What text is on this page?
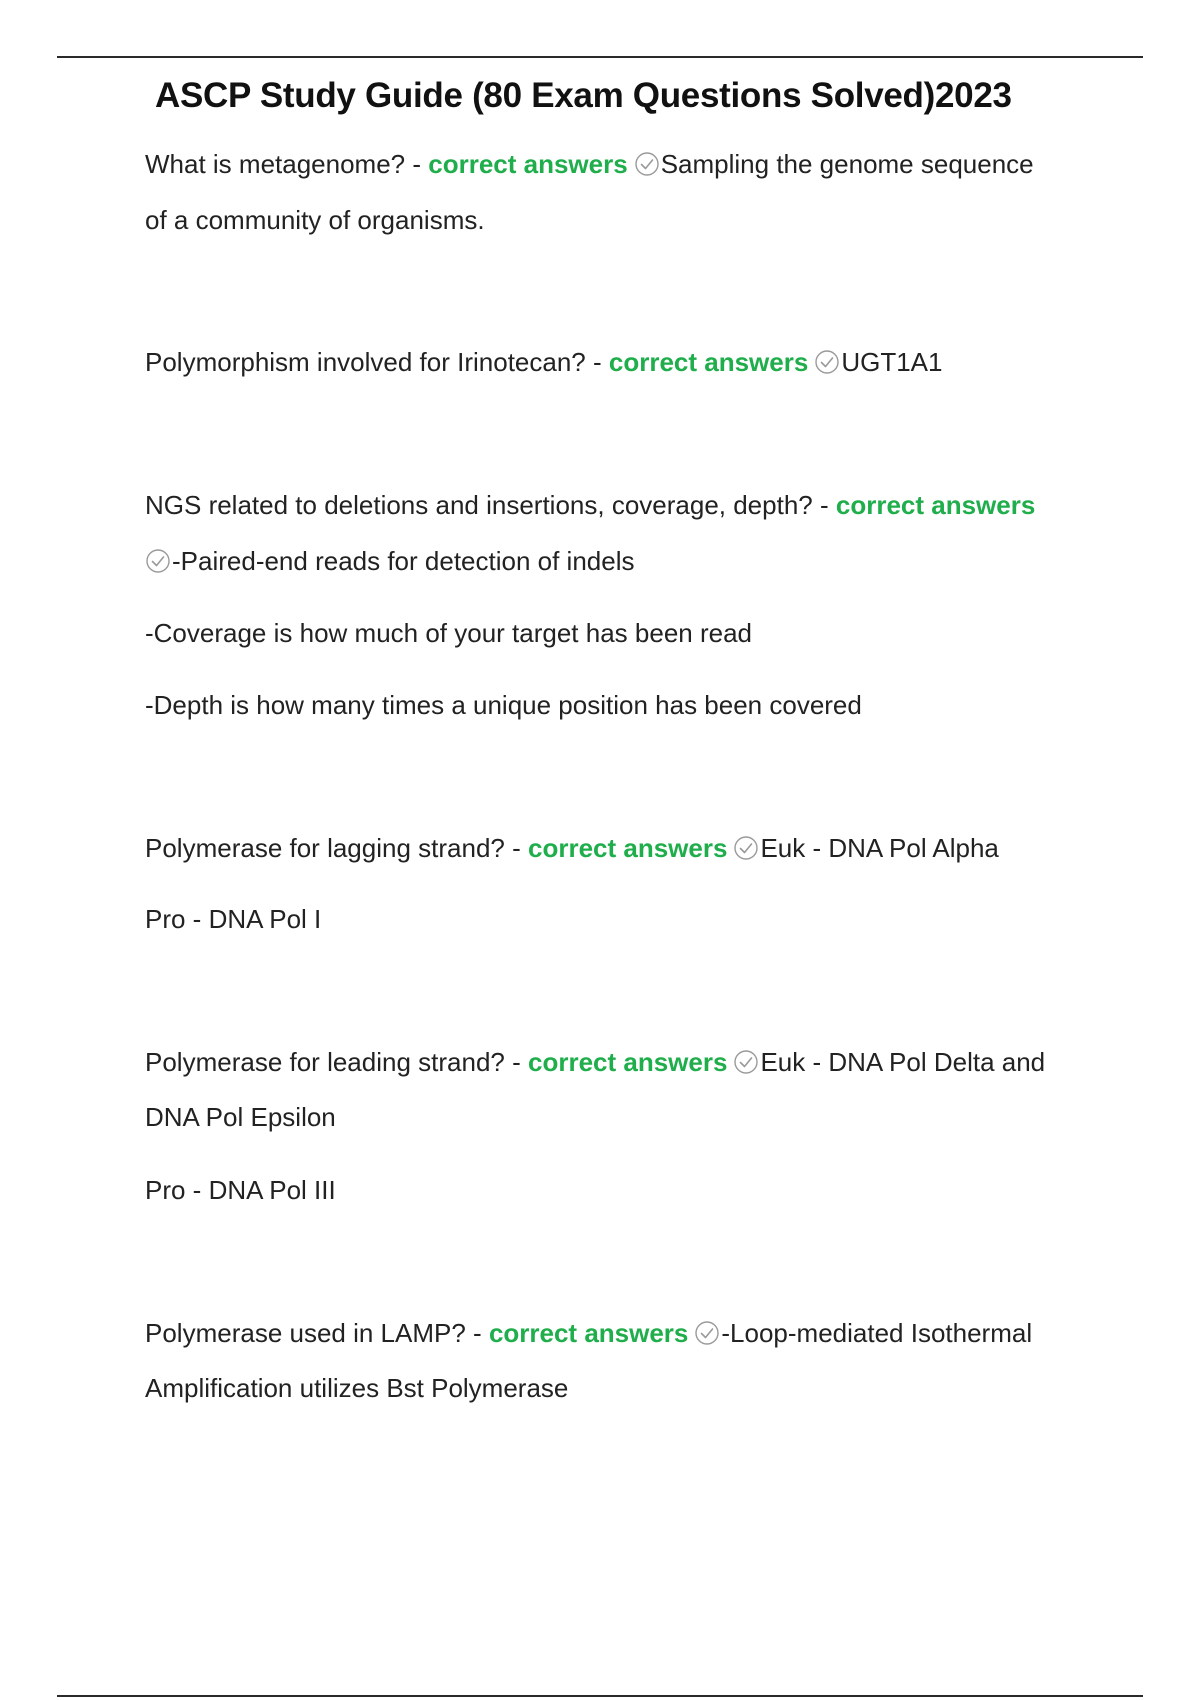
ASCP Study Guide (80 Exam Questions Solved)2023
What is metagenome? - correct answers Sampling the genome sequence
of a community of organisms.
Polymorphism involved for Irinotecan? - correct answers UGT1A1
NGS related to deletions and insertions, coverage, depth? - correct answers
-Paired-end reads for detection of indels
-Coverage is how much of your target has been read
-Depth is how many times a unique position has been covered
Polymerase for lagging strand? - correct answers Euk - DNA Pol Alpha
Pro - DNA Pol I
Polymerase for leading strand? - correct answers Euk - DNA Pol Delta and
DNA Pol Epsilon
Pro - DNA Pol III
Polymerase used in LAMP? - correct answers -Loop-mediated Isothermal
Amplification utilizes Bst Polymerase
